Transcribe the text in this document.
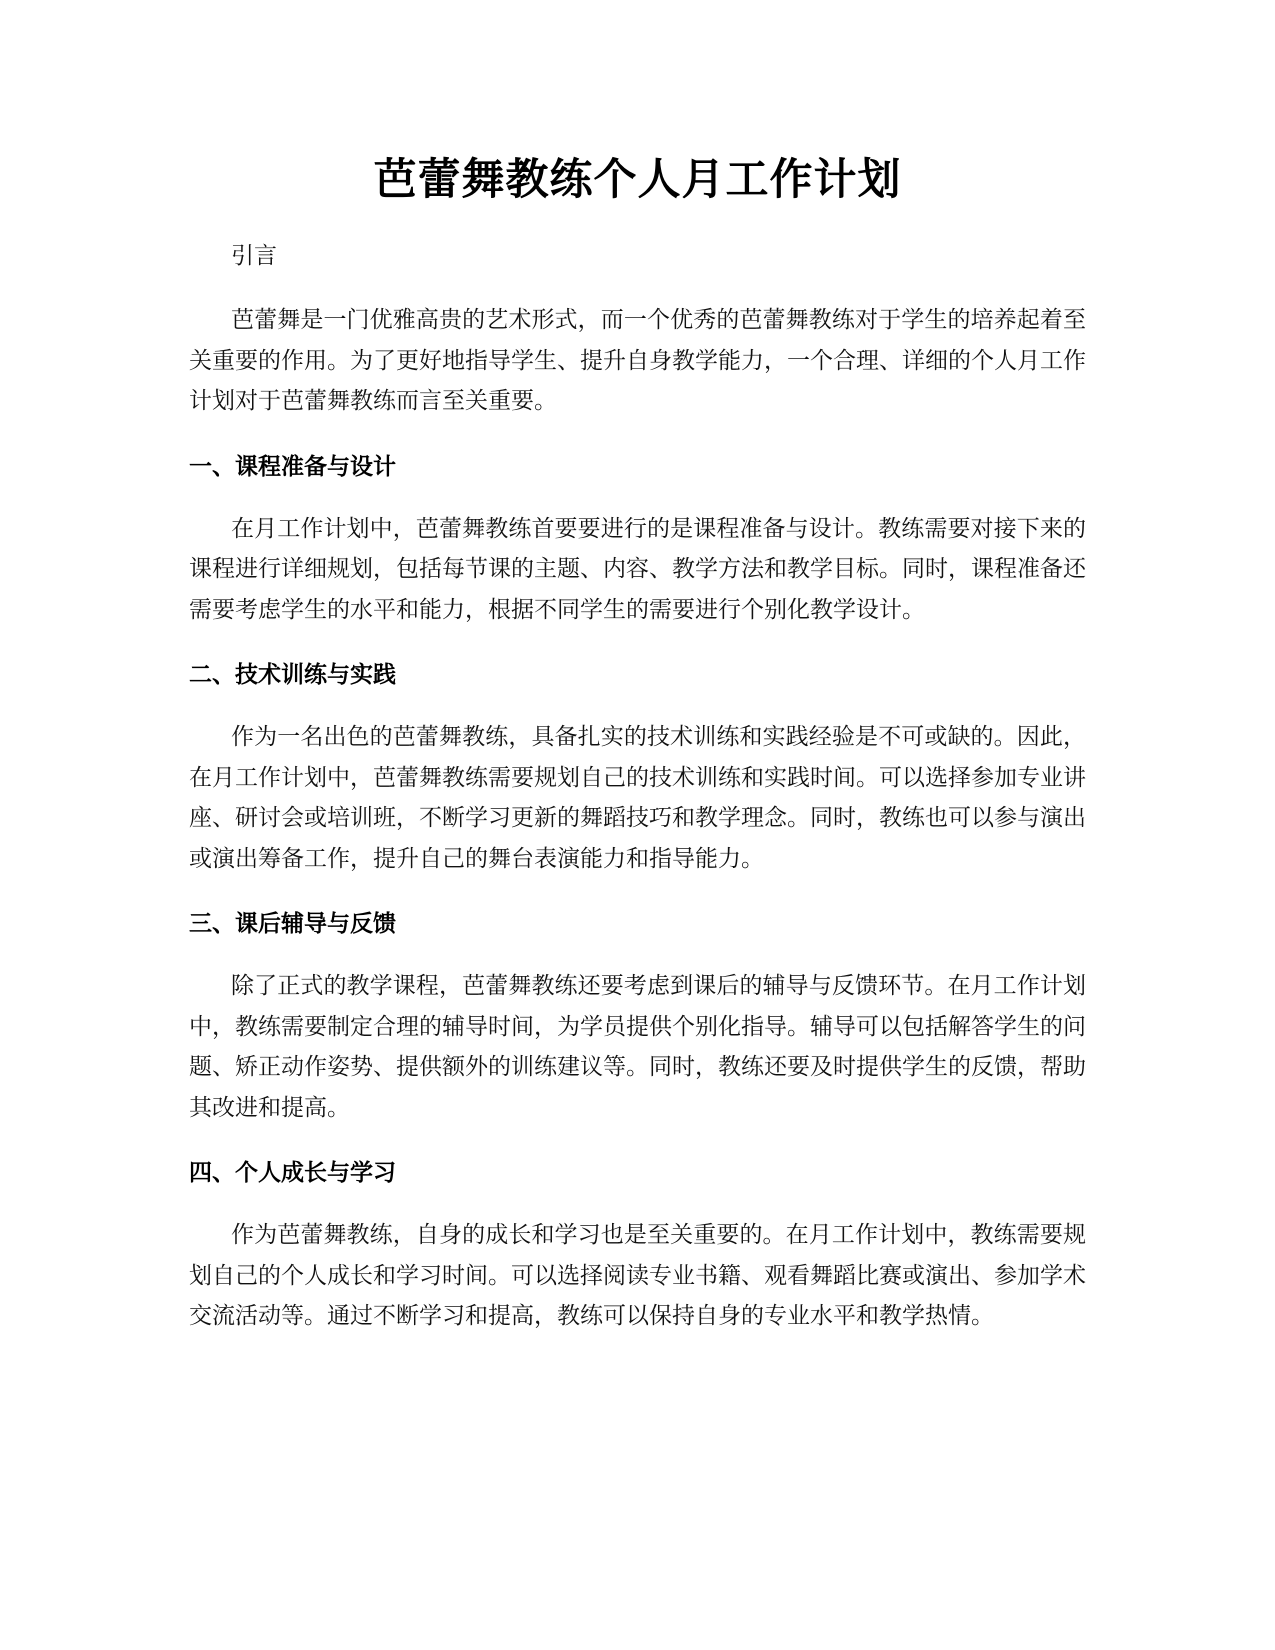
芭蕾舞教练个人月工作计划

引言

芭蕾舞是一门优雅高贵的艺术形式，而一个优秀的芭蕾舞教练对于学生的培养起着至关重要的作用。为了更好地指导学生、提升自身教学能力，一个合理、详细的个人月工作计划对于芭蕾舞教练而言至关重要。

一、课程准备与设计

在月工作计划中，芭蕾舞教练首要要进行的是课程准备与设计。教练需要对接下来的课程进行详细规划，包括每节课的主题、内容、教学方法和教学目标。同时，课程准备还需要考虑学生的水平和能力，根据不同学生的需要进行个别化教学设计。

二、技术训练与实践

作为一名出色的芭蕾舞教练，具备扎实的技术训练和实践经验是不可或缺的。因此，在月工作计划中，芭蕾舞教练需要规划自己的技术训练和实践时间。可以选择参加专业讲座、研讨会或培训班，不断学习更新的舞蹈技巧和教学理念。同时，教练也可以参与演出或演出筹备工作，提升自己的舞台表演能力和指导能力。

三、课后辅导与反馈

除了正式的教学课程，芭蕾舞教练还要考虑到课后的辅导与反馈环节。在月工作计划中，教练需要制定合理的辅导时间，为学员提供个别化指导。辅导可以包括解答学生的问题、矫正动作姿势、提供额外的训练建议等。同时，教练还要及时提供学生的反馈，帮助其改进和提高。

四、个人成长与学习

作为芭蕾舞教练，自身的成长和学习也是至关重要的。在月工作计划中，教练需要规划自己的个人成长和学习时间。可以选择阅读专业书籍、观看舞蹈比赛或演出、参加学术交流活动等。通过不断学习和提高，教练可以保持自身的专业水平和教学热情。
